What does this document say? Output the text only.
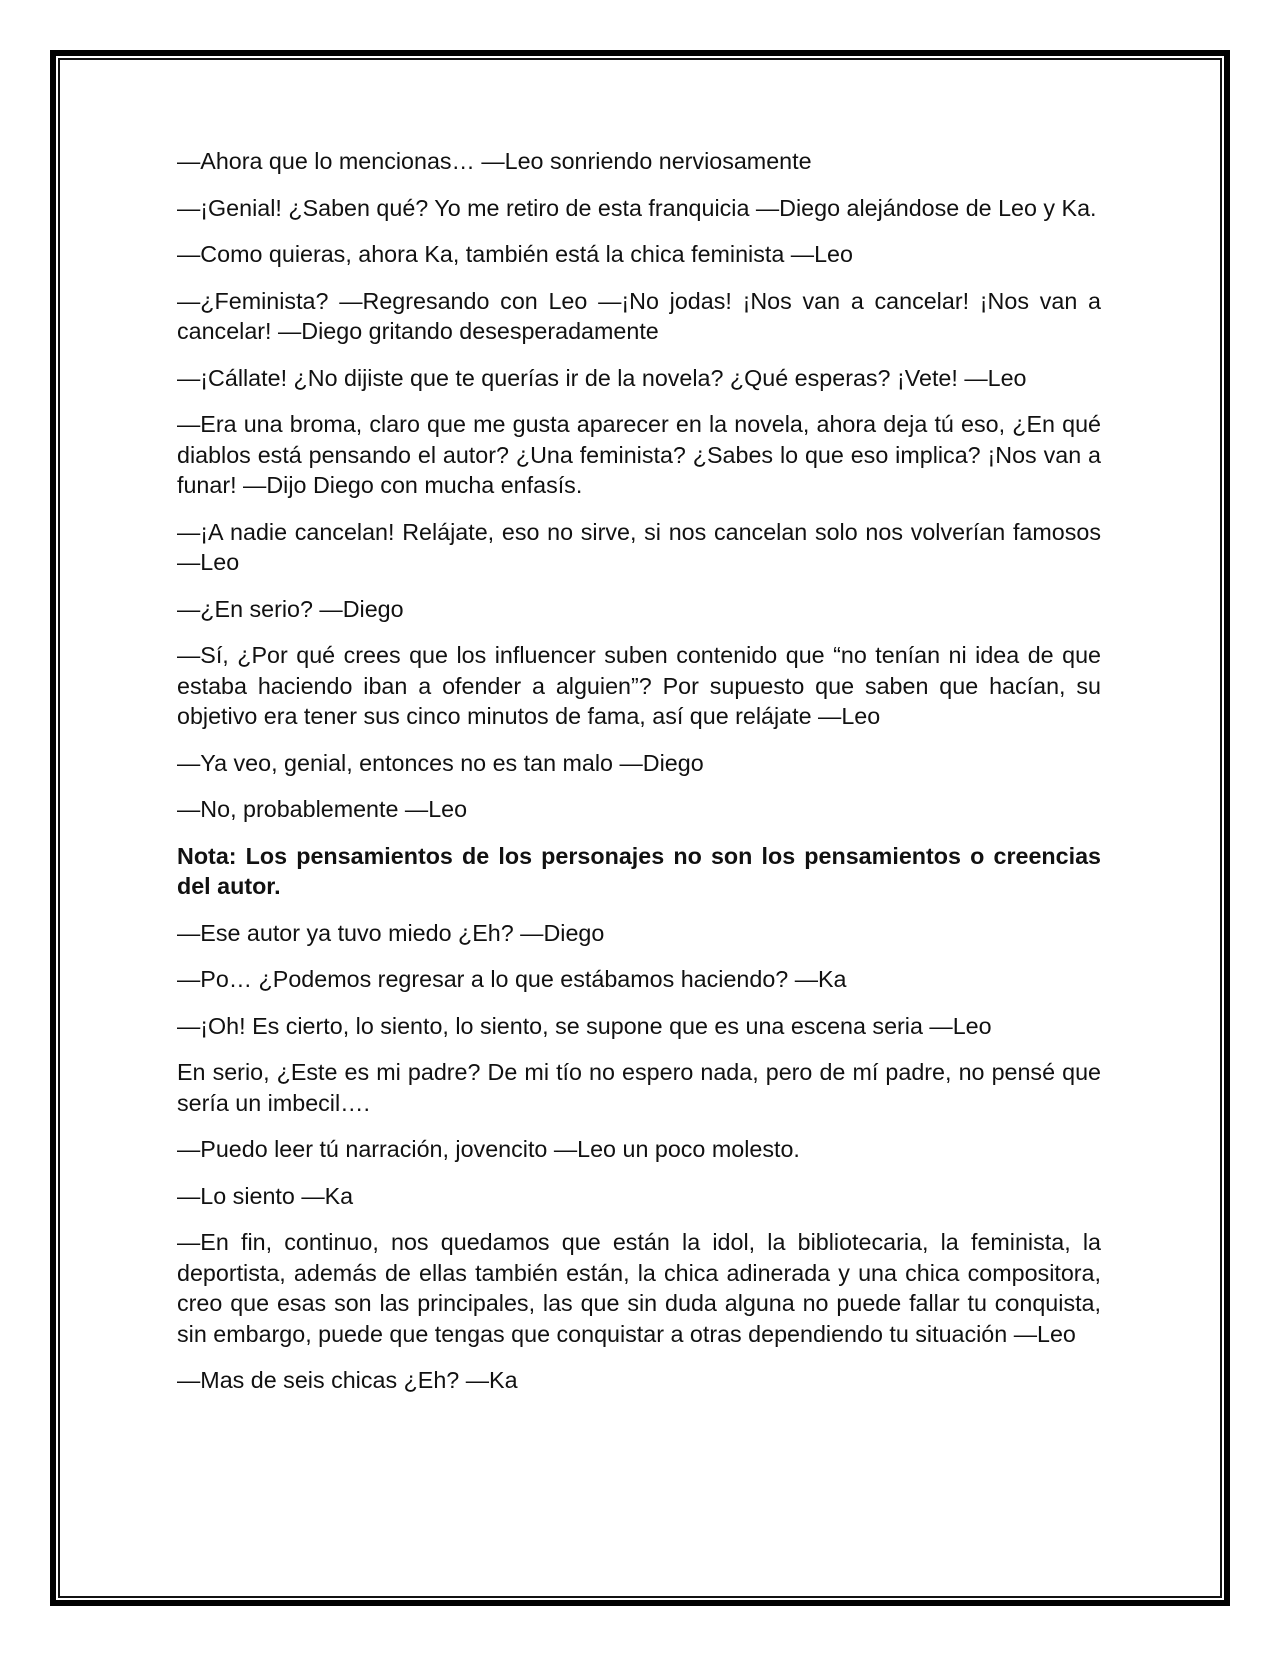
—Ahora que lo mencionas… —Leo sonriendo nerviosamente

—¡Genial! ¿Saben qué? Yo me retiro de esta franquicia —Diego alejándose de Leo y Ka.

—Como quieras, ahora Ka, también está la chica feminista —Leo

—¿Feminista? —Regresando con Leo —¡No jodas! ¡Nos van a cancelar! ¡Nos van a cancelar! —Diego gritando desesperadamente

—¡Cállate! ¿No dijiste que te querías ir de la novela? ¿Qué esperas? ¡Vete! —Leo

—Era una broma, claro que me gusta aparecer en la novela, ahora deja tú eso, ¿En qué diablos está pensando el autor? ¿Una feminista? ¿Sabes lo que eso implica? ¡Nos van a funar! —Dijo Diego con mucha enfasís.

—¡A nadie cancelan! Relájate, eso no sirve, si nos cancelan solo nos volverían famosos —Leo

—¿En serio? —Diego

—Sí, ¿Por qué crees que los influencer suben contenido que “no tenían ni idea de que estaba haciendo iban a ofender a alguien”? Por supuesto que saben que hacían, su objetivo era tener sus cinco minutos de fama, así que relájate —Leo

—Ya veo, genial, entonces no es tan malo —Diego

—No, probablemente —Leo

Nota: Los pensamientos de los personajes no son los pensamientos o creencias del autor.

—Ese autor ya tuvo miedo ¿Eh? —Diego

—Po… ¿Podemos regresar a lo que estábamos haciendo? —Ka

—¡Oh! Es cierto, lo siento, lo siento, se supone que es una escena seria —Leo

En serio, ¿Este es mi padre? De mi tío no espero nada, pero de mí padre, no pensé que sería un imbecil….

—Puedo leer tú narración, jovencito —Leo un poco molesto.

—Lo siento —Ka

—En fin, continuo, nos quedamos que están la idol, la bibliotecaria, la feminista, la deportista, además de ellas también están, la chica adinerada y una chica compositora, creo que esas son las principales, las que sin duda alguna no puede fallar tu conquista, sin embargo, puede que tengas que conquistar a otras dependiendo tu situación —Leo

—Mas de seis chicas ¿Eh? —Ka
